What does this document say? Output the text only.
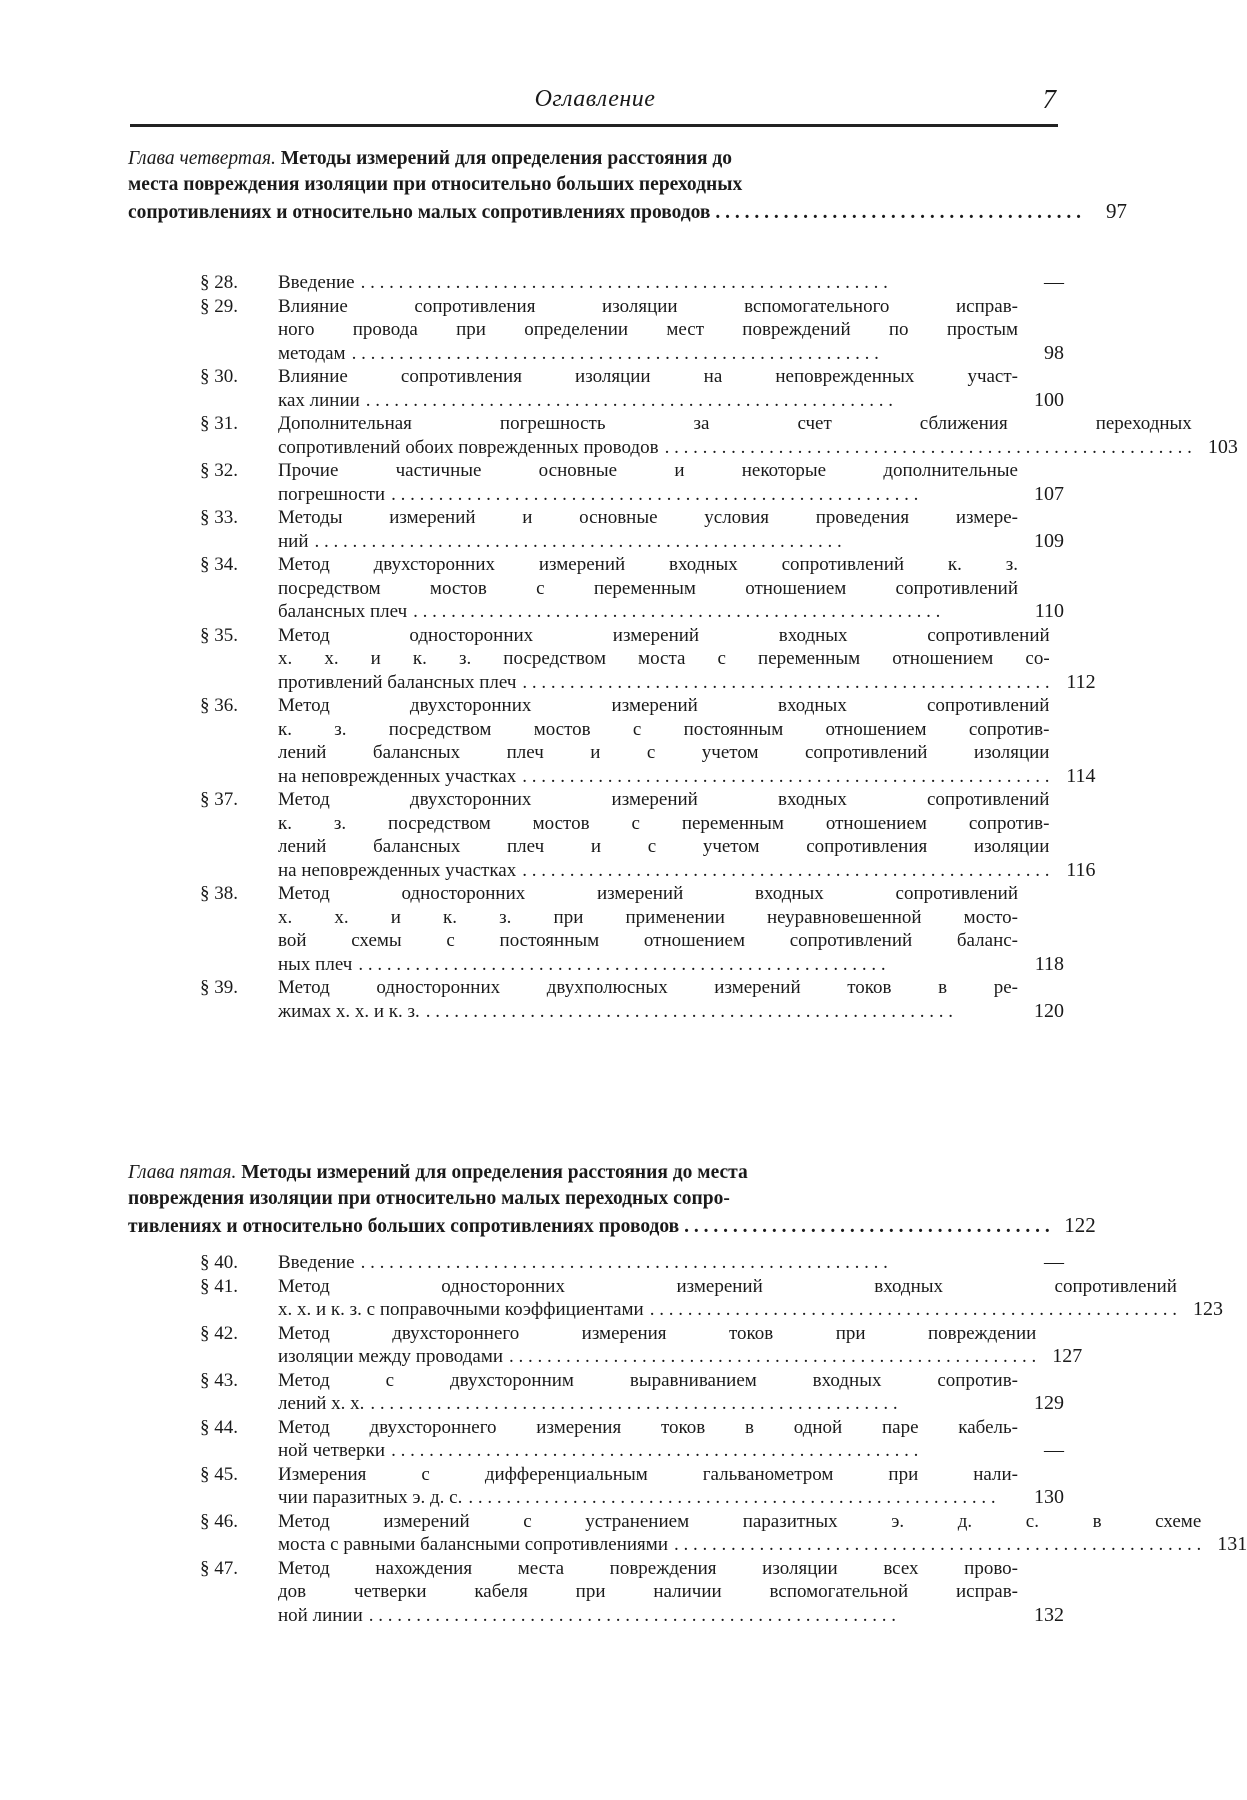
Оглавление	7
Глава четвертая. Методы измерений для определения расстояния до
места повреждения изоляции при относительно больших переходных
сопротивлениях и относительно малых сопротивлениях проводов . . .	97
§ 28.	Введение
. . .	—
§ 29.	Влияние сопротивления изоляции вспомогательного исправ-
ного провода при определении мест повреждений по простым
методам
. . .	98
§ 30.	Влияние сопротивления изоляции на неповрежденных участ-
ках линии
. . .	100
§ 31.	Дополнительная погрешность за счет сближения переходных
сопротивлений обоих поврежденных проводов
. . .	103
§ 32.	Прочие частичные основные и некоторые дополнительные
погрешности
. . .	107
§ 33.	Методы измерений и основные условия проведения измере-
ний
. . .	109
§ 34.	Метод двухсторонних измерений входных сопротивлений к. з.
посредством мостов с переменным отношением сопротивлений
балансных плеч
. . .	110
§ 35.	Метод односторонних измерений входных сопротивлений
х. х. и к. з. посредством моста с переменным отношением со-
противлений балансных плеч
. . .	112
§ 36.	Метод двухсторонних измерений входных сопротивлений
к. з. посредством мостов с постоянным отношением сопротив-
лений балансных плеч и с учетом сопротивлений изоляции
на неповрежденных участках
. . .	114
§ 37.	Метод двухсторонних измерений входных сопротивлений
к. з. посредством мостов с переменным отношением сопротив-
лений балансных плеч и с учетом сопротивления изоляции
на неповрежденных участках
. . .	116
§ 38.	Метод односторонних измерений входных сопротивлений
х. х. и к. з. при применении неуравновешенной мосто-
вой схемы с постоянным отношением сопротивлений баланс-
ных плеч
. . .	118
§ 39.	Метод односторонних двухполюсных измерений токов в ре-
жимах х. х. и к. з.
. . .	120
Глава пятая. Методы измерений для определения расстояния до места
повреждения изоляции при относительно малых переходных сопро-
тивлениях и относительно больших сопротивлениях проводов . . .	122
§ 40.	Введение
. . .	—
§ 41.	Метод односторонних измерений входных сопротивлений
х. х. и к. з. с поправочными коэффициентами
. . .	123
§ 42.	Метод двухстороннего измерения токов при повреждении
изоляции между проводами
. . .	127
§ 43.	Метод с двухсторонним выравниванием входных сопротив-
лений х. х.
. . .	129
§ 44.	Метод двухстороннего измерения токов в одной паре кабель-
ной четверки
. . .	—
§ 45.	Измерения с дифференциальным гальванометром при нали-
чии паразитных э. д. с.
. . .	130
§ 46.	Метод измерений с устранением паразитных э. д. с. в схеме
моста с равными балансными сопротивлениями
. . .	131
§ 47.	Метод нахождения места повреждения изоляции всех прово-
дов четверки кабеля при наличии вспомогательной исправ-
ной линии
. . .	132
